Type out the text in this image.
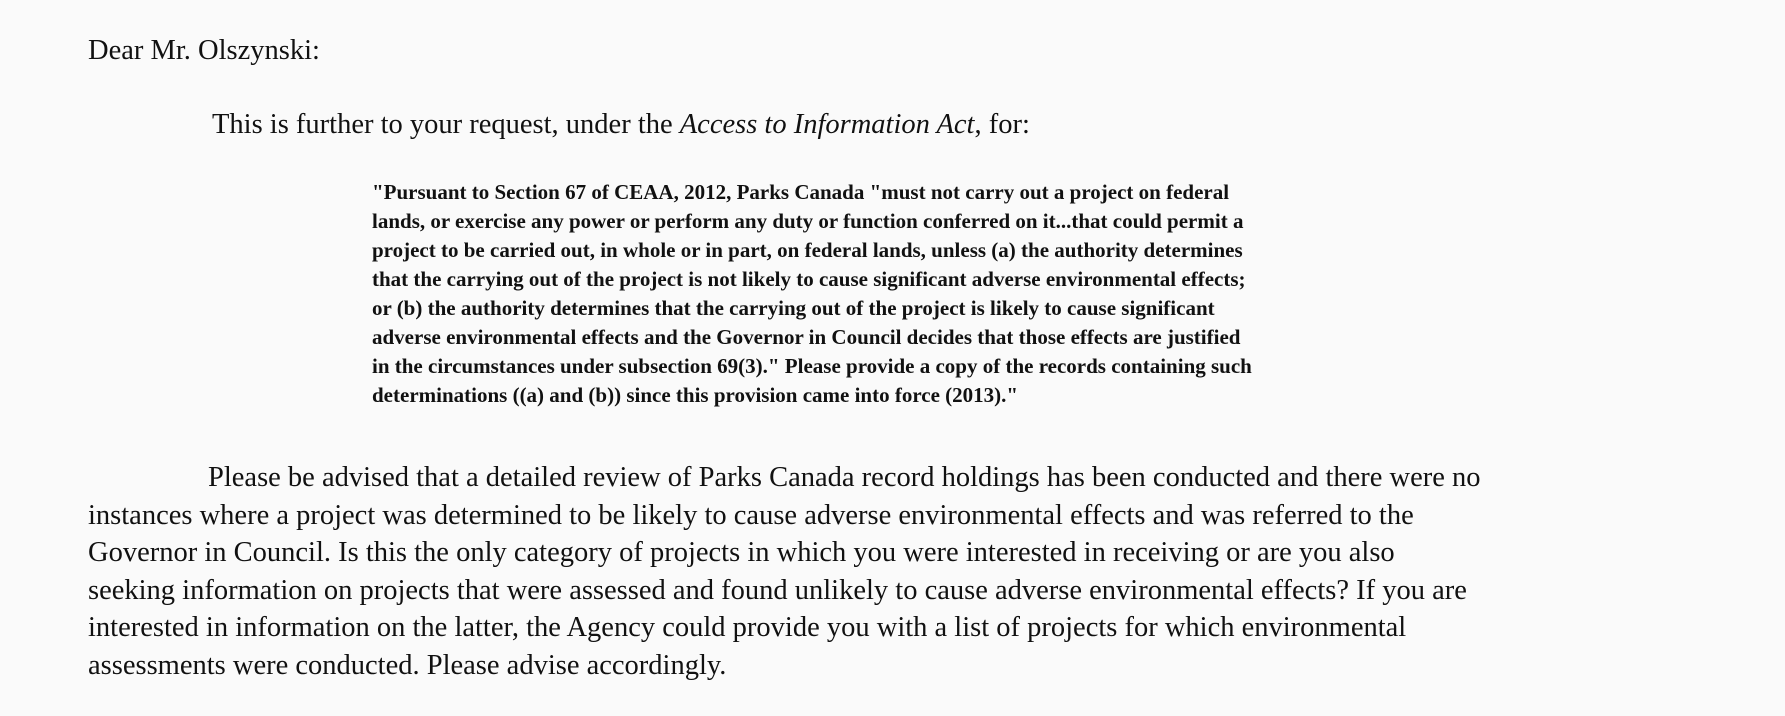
Dear Mr. Olszynski:
This is further to your request, under the Access to Information Act, for:
"Pursuant to Section 67 of CEAA, 2012, Parks Canada "must not carry out a project on federal
lands, or exercise any power or perform any duty or function conferred on it...that could permit a
project to be carried out, in whole or in part, on federal lands, unless (a) the authority determines
that the carrying out of the project is not likely to cause significant adverse environmental effects;
or (b) the authority determines that the carrying out of the project is likely to cause significant
adverse environmental effects and the Governor in Council decides that those effects are justified
in the circumstances under subsection 69(3)." Please provide a copy of the records containing such
determinations ((a) and (b)) since this provision came into force (2013)."
Please be advised that a detailed review of Parks Canada record holdings has been conducted and there were no
instances where a project was determined to be likely to cause adverse environmental effects and was referred to the
Governor in Council. Is this the only category of projects in which you were interested in receiving or are you also
seeking information on projects that were assessed and found unlikely to cause adverse environmental effects? If you are
interested in information on the latter, the Agency could provide you with a list of projects for which environmental
assessments were conducted. Please advise accordingly.
